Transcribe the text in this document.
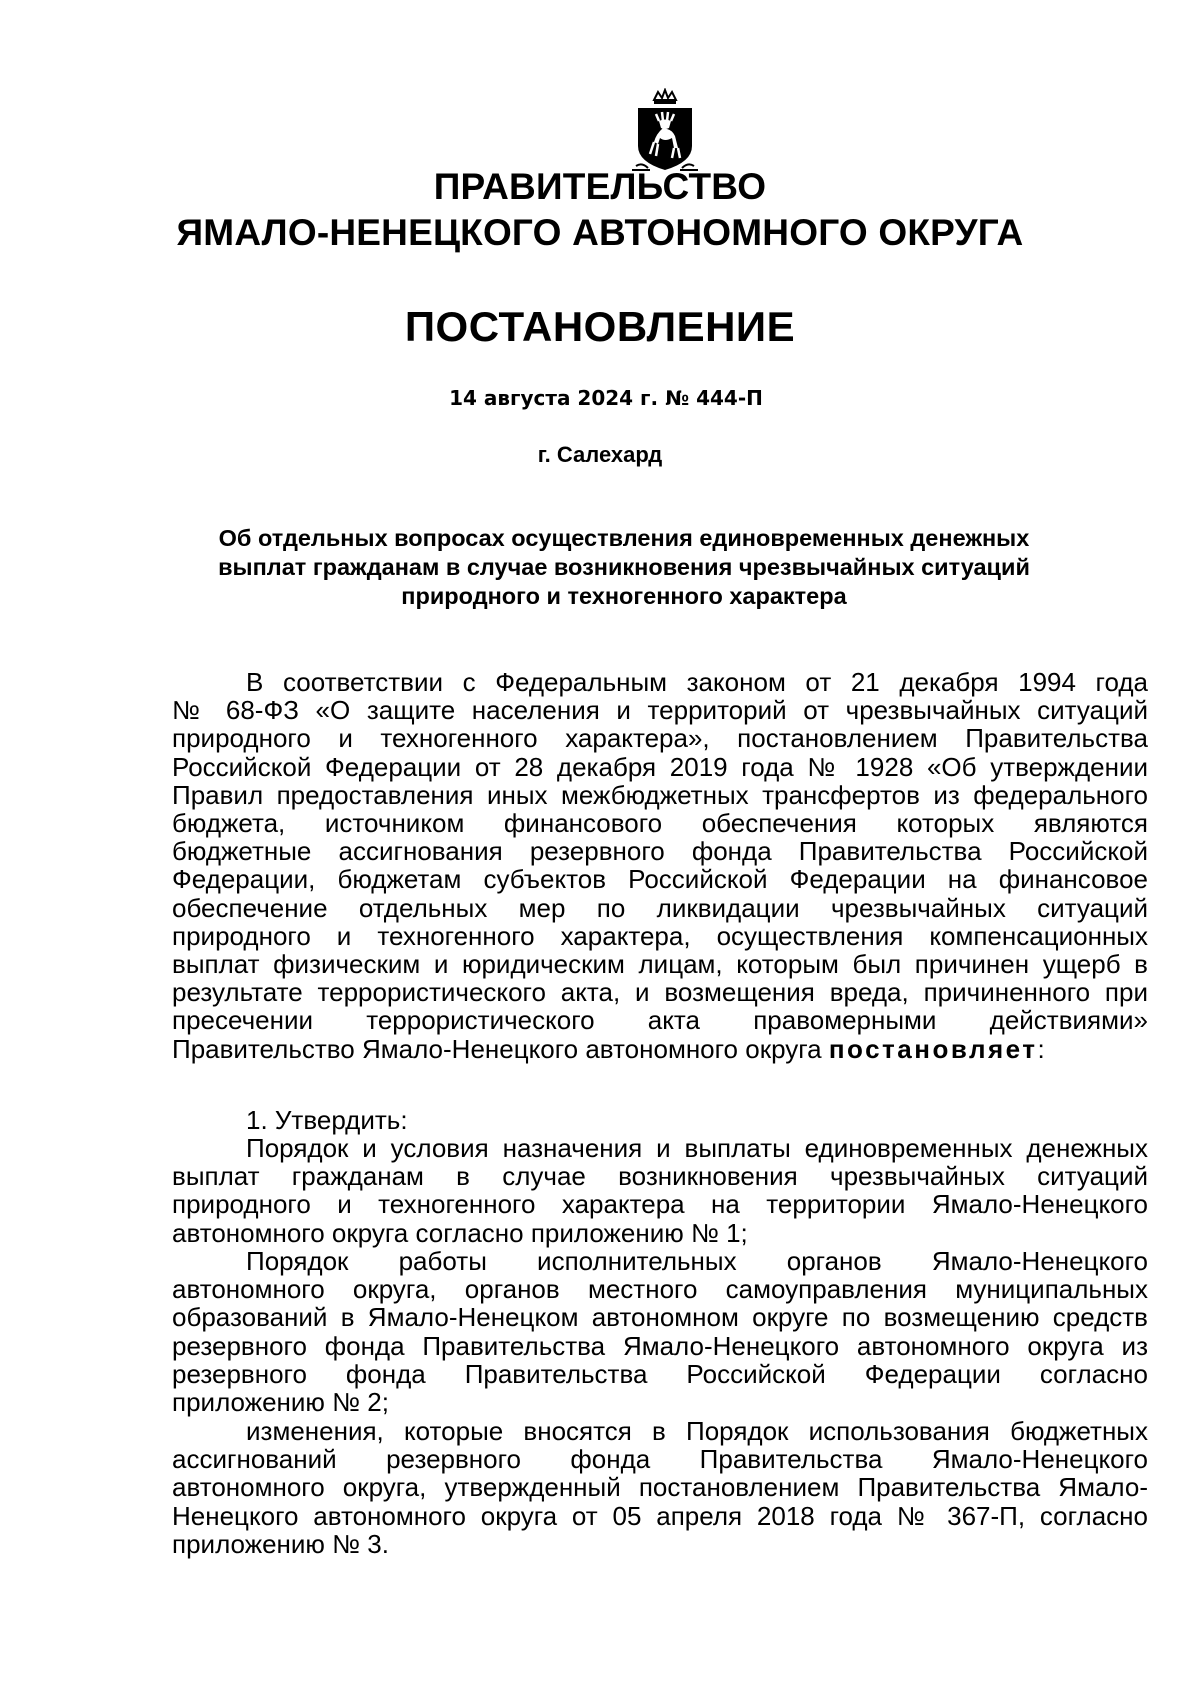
ПРАВИТЕЛЬСТВО
ЯМАЛО-НЕНЕЦКОГО АВТОНОМНОГО ОКРУГА
ПОСТАНОВЛЕНИЕ
14 августа 2024 г. № 444-П
г. Салехард
Об отдельных вопросах осуществления единовременных денежных
выплат гражданам в случае возникновения чрезвычайных ситуаций
природного и техногенного характера
В соответствии с Федеральным законом от 21 декабря 1994 года
№ 68-ФЗ «О защите населения и территорий от чрезвычайных ситуаций
природного и техногенного характера», постановлением Правительства
Российской Федерации от 28 декабря 2019 года № 1928 «Об утверждении
Правил предоставления иных межбюджетных трансфертов из федерального
бюджета, источником финансового обеспечения которых являются
бюджетные ассигнования резервного фонда Правительства Российской
Федерации, бюджетам субъектов Российской Федерации на финансовое
обеспечение отдельных мер по ликвидации чрезвычайных ситуаций
природного и техногенного характера, осуществления компенсационных
выплат физическим и юридическим лицам, которым был причинен ущерб в
результате террористического акта, и возмещения вреда, причиненного при
пресечении террористического акта правомерными действиями»
Правительство Ямало-Ненецкого автономного округа постановляет:
1. Утвердить:
Порядок и условия назначения и выплаты единовременных денежных
выплат гражданам в случае возникновения чрезвычайных ситуаций
природного и техногенного характера на территории Ямало-Ненецкого
автономного округа согласно приложению № 1;
Порядок работы исполнительных органов Ямало-Ненецкого
автономного округа, органов местного самоуправления муниципальных
образований в Ямало-Ненецком автономном округе по возмещению средств
резервного фонда Правительства Ямало-Ненецкого автономного округа из
резервного фонда Правительства Российской Федерации согласно
приложению № 2;
изменения, которые вносятся в Порядок использования бюджетных
ассигнований резервного фонда Правительства Ямало-Ненецкого
автономного округа, утвержденный постановлением Правительства Ямало-
Ненецкого автономного округа от 05 апреля 2018 года № 367-П, согласно
приложению № 3.
